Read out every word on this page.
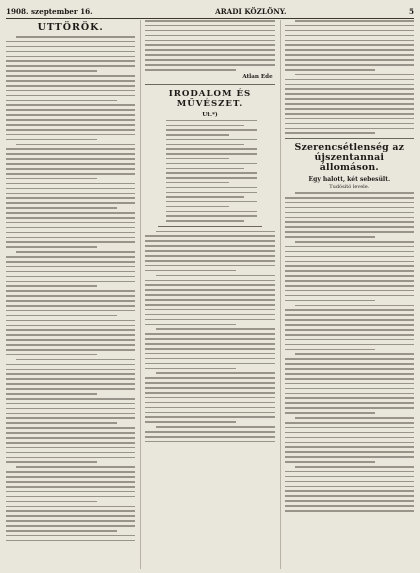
1908. szeptember 16.	ARADI KÖZLÖNY.	5
UTTÖRÖK.
Atlan Ede
IRODALOM ÉS MŰVÉSZET.
Ut.*)
Szerencsétlenség az újszentannai állomáson.
Egy halott, két sebesült.
Tudósító levele.
